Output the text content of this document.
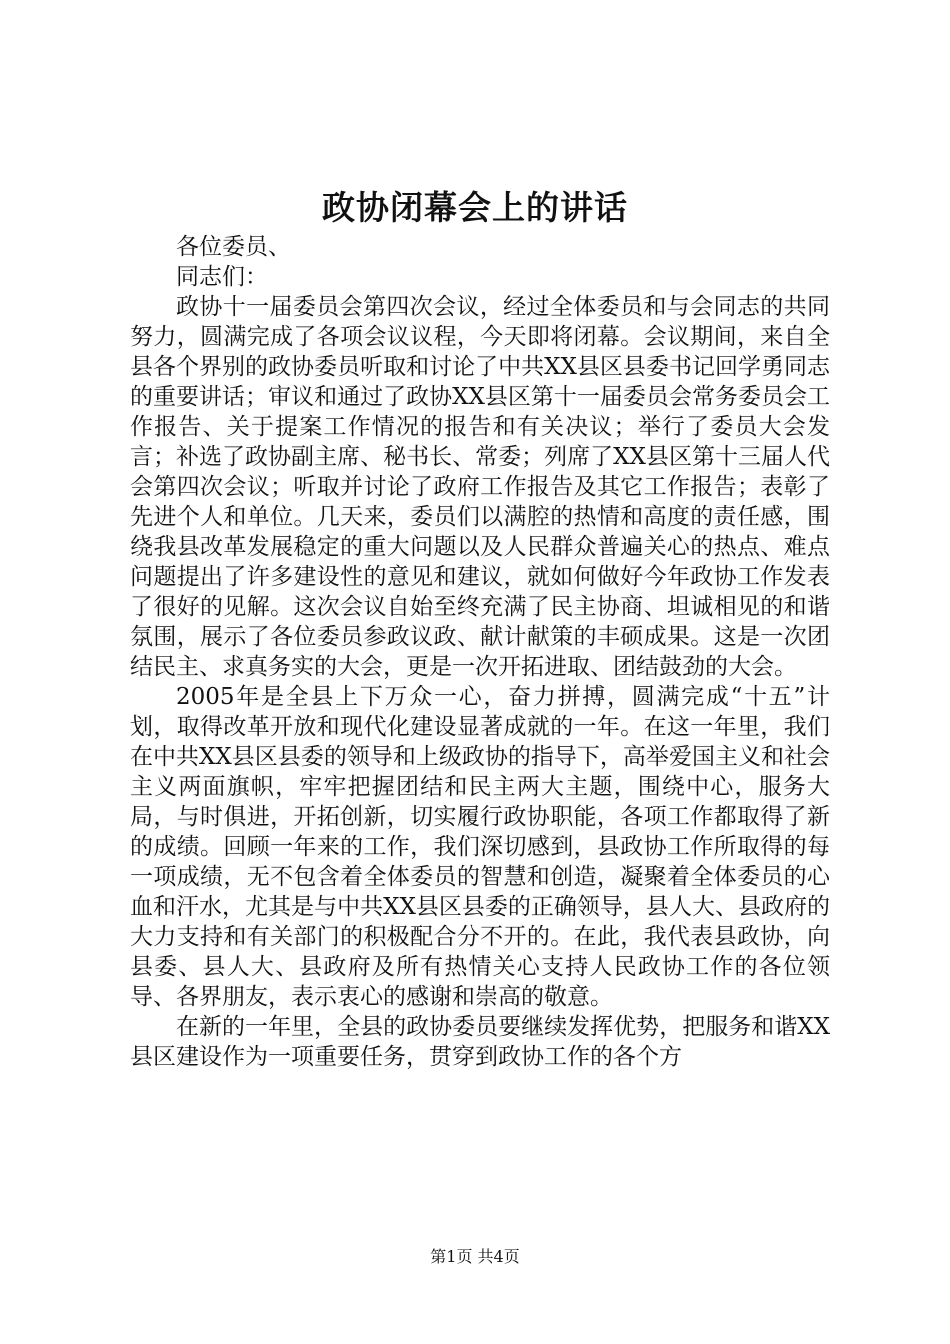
政协闭幕会上的讲话

各位委员、

同志们：

政协十一届委员会第四次会议，经过全体委员和与会同志的共同努力，圆满完成了各项会议议程，今天即将闭幕。会议期间，来自全县各个界别的政协委员听取和讨论了中共XX县区县委书记回学勇同志的重要讲话；审议和通过了政协XX县区第十一届委员会常务委员会工作报告、关于提案工作情况的报告和有关决议；举行了委员大会发言；补选了政协副主席、秘书长、常委；列席了XX县区第十三届人代会第四次会议；听取并讨论了政府工作报告及其它工作报告；表彰了先进个人和单位。几天来，委员们以满腔的热情和高度的责任感，围绕我县改革发展稳定的重大问题以及人民群众普遍关心的热点、难点问题提出了许多建设性的意见和建议，就如何做好今年政协工作发表了很好的见解。这次会议自始至终充满了民主协商、坦诚相见的和谐氛围，展示了各位委员参政议政、献计献策的丰硕成果。这是一次团结民主、求真务实的大会，更是一次开拓进取、团结鼓劲的大会。

2005年是全县上下万众一心，奋力拼搏，圆满完成“十五”计划，取得改革开放和现代化建设显著成就的一年。在这一年里，我们在中共XX县区县委的领导和上级政协的指导下，高举爱国主义和社会主义两面旗帜，牢牢把握团结和民主两大主题，围绕中心，服务大局，与时俱进，开拓创新，切实履行政协职能，各项工作都取得了新的成绩。回顾一年来的工作，我们深切感到，县政协工作所取得的每一项成绩，无不包含着全体委员的智慧和创造，凝聚着全体委员的心血和汗水，尤其是与中共XX县区县委的正确领导，县人大、县政府的大力支持和有关部门的积极配合分不开的。在此，我代表县政协，向县委、县人大、县政府及所有热情关心支持人民政协工作的各位领导、各界朋友，表示衷心的感谢和崇高的敬意。

在新的一年里，全县的政协委员要继续发挥优势，把服务和谐XX县区建设作为一项重要任务，贯穿到政协工作的各个方

第1页 共4页
